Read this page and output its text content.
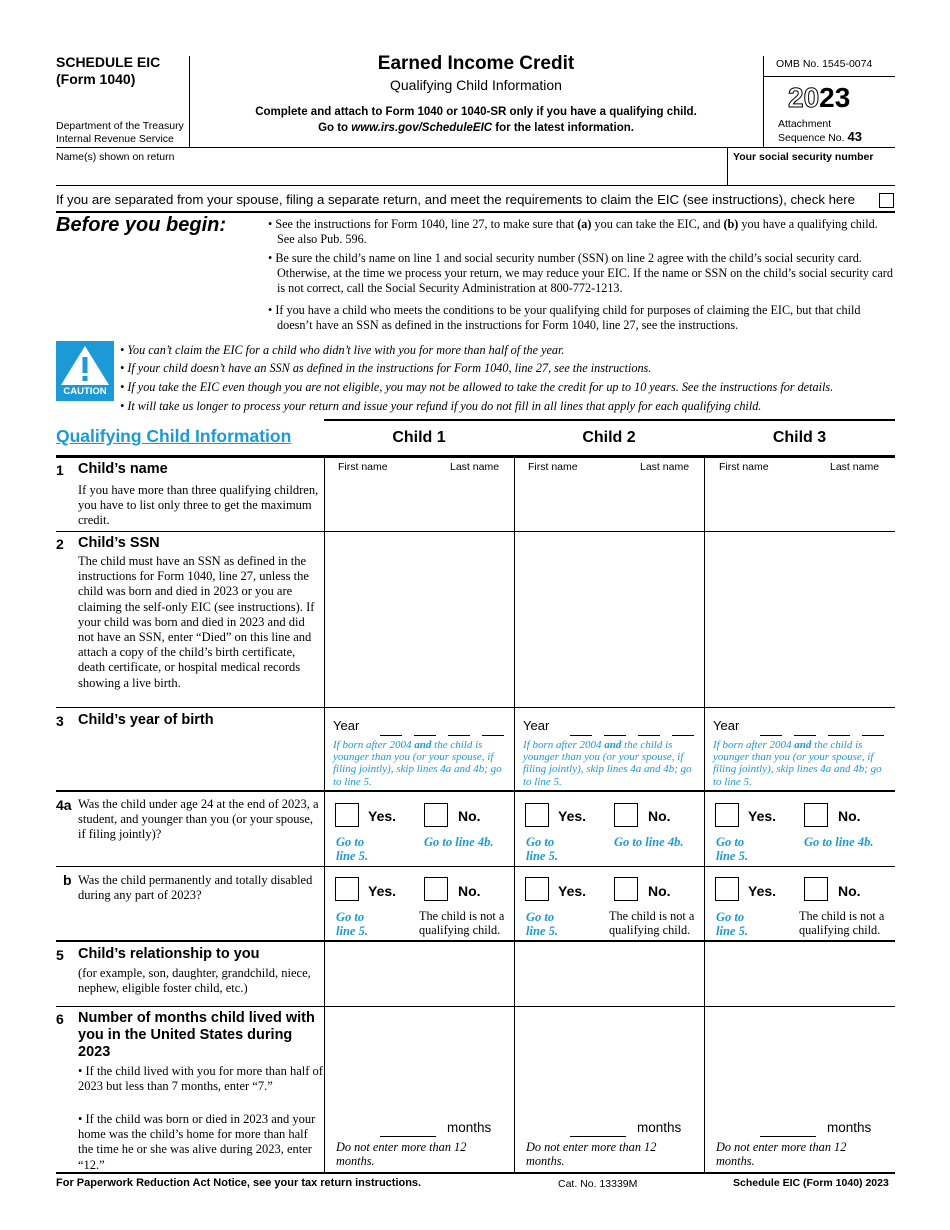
SCHEDULE EIC
(Form 1040)
Department of the Treasury
Internal Revenue Service
Earned Income Credit
Qualifying Child Information
Complete and attach to Form 1040 or 1040-SR only if you have a qualifying child.
Go to www.irs.gov/ScheduleEIC for the latest information.
OMB No. 1545-0074
2023
Attachment
Sequence No. 43
Name(s) shown on return	Your social security number
If you are separated from your spouse, filing a separate return, and meet the requirements to claim the EIC (see instructions), check here
Before you begin:	• See the instructions for Form 1040, line 27, to make sure that (a) you can take the EIC, and (b) you have a qualifying child. See also Pub. 596.
• Be sure the child’s name on line 1 and social security number (SSN) on line 2 agree with the child’s social security card. Otherwise, at the time we process your return, we may reduce your EIC. If the name or SSN on the child’s social security card is not correct, call the Social Security Administration at 800-772-1213.
• If you have a child who meets the conditions to be your qualifying child for purposes of claiming the EIC, but that child doesn’t have an SSN as defined in the instructions for Form 1040, line 27, see the instructions.
CAUTION
• You can’t claim the EIC for a child who didn’t live with you for more than half of the year.
• If your child doesn’t have an SSN as defined in the instructions for Form 1040, line 27, see the instructions.
• If you take the EIC even though you are not eligible, you may not be allowed to take the credit for up to 10 years. See the instructions for details.
• It will take us longer to process your return and issue your refund if you do not fill in all lines that apply for each qualifying child.
Qualifying Child Information	Child 1	Child 2	Child 3
1 Child’s name
If you have more than three qualifying children, you have to list only three to get the maximum credit.
First name	Last name	First name	Last name	First name	Last name
2 Child’s SSN
The child must have an SSN as defined in the instructions for Form 1040, line 27, unless the child was born and died in 2023 or you are claiming the self-only EIC (see instructions). If your child was born and died in 2023 and did not have an SSN, enter “Died” on this line and attach a copy of the child’s birth certificate, death certificate, or hospital medical records showing a live birth.
3 Child’s year of birth	Year
If born after 2004 and the child is younger than you (or your spouse, if filing jointly), skip lines 4a and 4b; go to line 5.
Year
If born after 2004 and the child is younger than you (or your spouse, if filing jointly), skip lines 4a and 4b; go to line 5.
Year
If born after 2004 and the child is younger than you (or your spouse, if filing jointly), skip lines 4a and 4b; go to line 5.
4a Was the child under age 24 at the end of 2023, a student, and younger than you (or your spouse, if filing jointly)?
Yes.	No.
Go to
line 5.
Go to line 4b.
Yes.	No.
Go to
line 5.
Go to line 4b.
Yes.	No.
Go to
line 5.
Go to line 4b.
b Was the child permanently and totally disabled during any part of 2023?	Yes.	No.
Go to
line 5.
The child is not a
qualifying child.
Yes.	No.
Go to
line 5.
The child is not a
qualifying child.
Yes.	No.
Go to
line 5.
The child is not a
qualifying child.
5 Child’s relationship to you
(for example, son, daughter, grandchild, niece, nephew, eligible foster child, etc.)
6 Number of months child lived with you in the United States during 2023
• If the child lived with you for more than half of 2023 but less than 7 months, enter “7.”
• If the child was born or died in 2023 and your home was the child’s home for more than half the time he or she was alive during 2023, enter “12.”
months
Do not enter more than 12 months.
months
Do not enter more than 12 months.
months
Do not enter more than 12 months.
For Paperwork Reduction Act Notice, see your tax return instructions.	Cat. No. 13339M	Schedule EIC (Form 1040) 2023
